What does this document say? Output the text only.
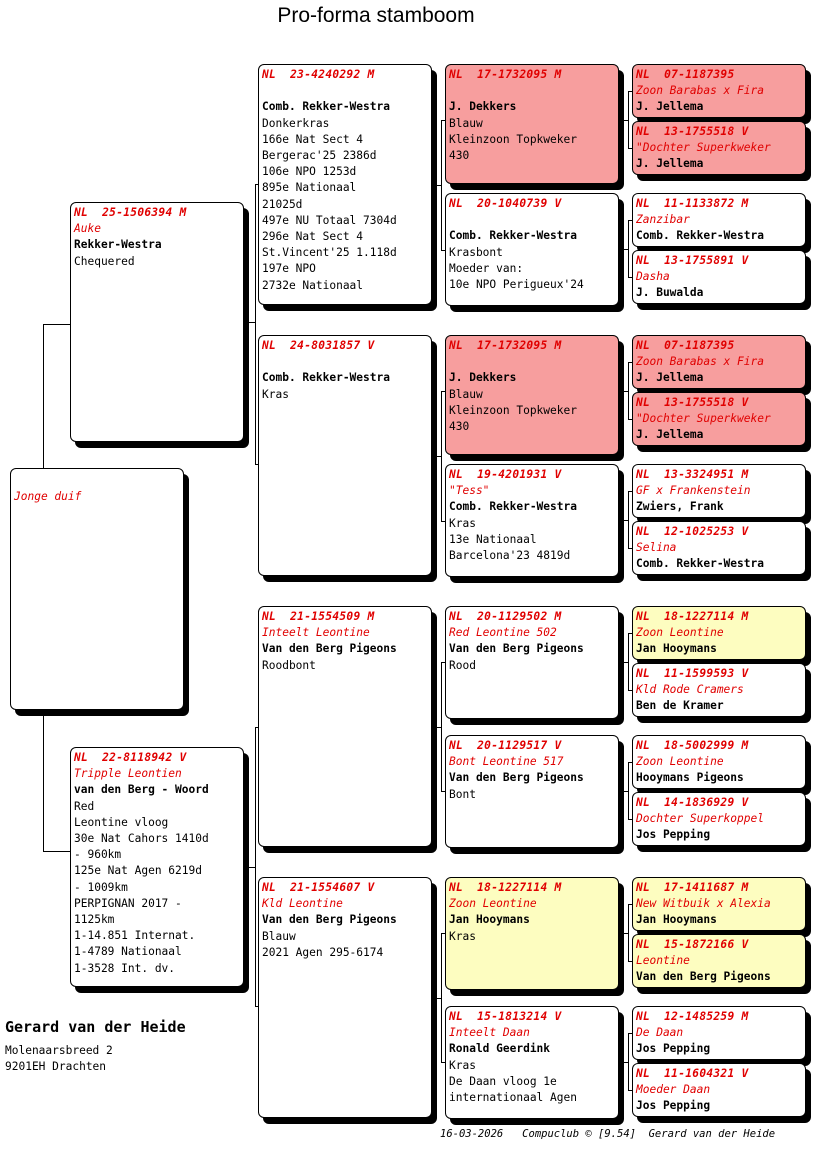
Pro-forma stamboom
Jonge duif
NL  25-1506394 M
Auke
Rekker-Westra
Chequered
NL  22-8118942 V
Tripple Leontien
van den Berg - Woord
Red
Leontine vloog
30e Nat Cahors 1410d
- 960km
125e Nat Agen 6219d
- 1009km
PERPIGNAN 2017 -
1125km
1-14.851 Internat.
1-4789 Nationaal
1-3528 Int. dv.
NL  23-4240292 M
Comb. Rekker-Westra
Donkerkras
166e Nat Sect 4
Bergerac'25 2386d
106e NPO 1253d
895e Nationaal
21025d
497e NU Totaal 7304d
296e Nat Sect 4
St.Vincent'25 1.118d
197e NPO
2732e Nationaal
NL  24-8031857 V
Comb. Rekker-Westra
Kras
NL  21-1554509 M
Inteelt Leontine
Van den Berg Pigeons
Roodbont
NL  21-1554607 V
Kld Leontine
Van den Berg Pigeons
Blauw
2021 Agen 295-6174
NL  17-1732095 M
J. Dekkers
Blauw
Kleinzoon Topkweker
430
NL  20-1040739 V
Comb. Rekker-Westra
Krasbont
Moeder van:
10e NPO Perigueux'24
NL  17-1732095 M
J. Dekkers
Blauw
Kleinzoon Topkweker
430
NL  19-4201931 V
"Tess"
Comb. Rekker-Westra
Kras
13e Nationaal
Barcelona'23 4819d
NL  20-1129502 M
Red Leontine 502
Van den Berg Pigeons
Rood
NL  20-1129517 V
Bont Leontine 517
Van den Berg Pigeons
Bont
NL  18-1227114 M
Zoon Leontine
Jan Hooymans
Kras
NL  15-1813214 V
Inteelt Daan
Ronald Geerdink
Kras
De Daan vloog 1e
internationaal Agen
NL  07-1187395
Zoon Barabas x Fira
J. Jellema
NL  13-1755518 V
"Dochter Superkweker
J. Jellema
NL  11-1133872 M
Zanzibar
Comb. Rekker-Westra
NL  13-1755891 V
Dasha
J. Buwalda
NL  07-1187395
Zoon Barabas x Fira
J. Jellema
NL  13-1755518 V
"Dochter Superkweker
J. Jellema
NL  13-3324951 M
GF x Frankenstein
Zwiers, Frank
NL  12-1025253 V
Selina
Comb. Rekker-Westra
NL  18-1227114 M
Zoon Leontine
Jan Hooymans
NL  11-1599593 V
Kld Rode Cramers
Ben de Kramer
NL  18-5002999 M
Zoon Leontine
Hooymans Pigeons
NL  14-1836929 V
Dochter Superkoppel
Jos Pepping
NL  17-1411687 M
New Witbuik x Alexia
Jan Hooymans
NL  15-1872166 V
Leontine
Van den Berg Pigeons
NL  12-1485259 M
De Daan
Jos Pepping
NL  11-1604321 V
Moeder Daan
Jos Pepping
Gerard van der Heide
Molenaarsbreed 2
9201EH Drachten
16-03-2026   Compuclub © [9.54]  Gerard van der Heide
